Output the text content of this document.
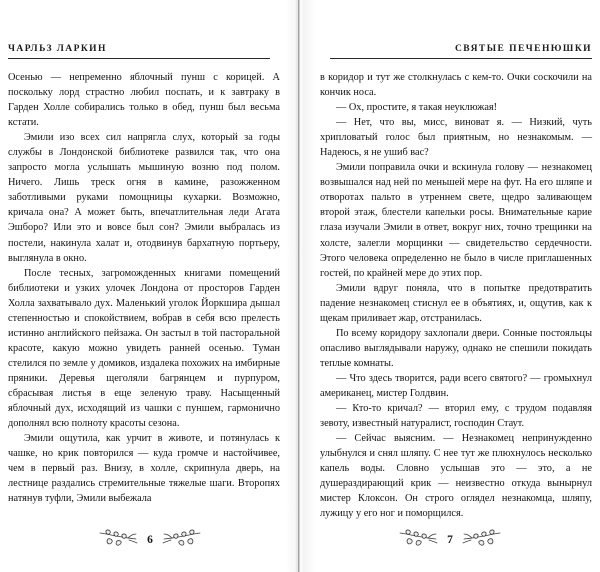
ЧАРЛЬЗ ЛАРКИН

Осенью — непременно яблочный пунш с корицей. А поскольку лорд страстно любил поспать, и к завтраку в Гарден Холле собирались только в обед, пунш был весьма кстати.

Эмили изо всех сил напрягла слух, который за годы службы в Лондонской библиотеке развился так, что она запросто могла услышать мышиную возню под полом. Ничего. Лишь треск огня в камине, разожженном заботливыми руками помощницы кухарки. Возможно, кричала она? А может быть, впечатлительная леди Агата Эшборо? Или это и вовсе был сон? Эмили выбралась из постели, накинула халат и, отодвинув бархатную портьеру, выглянула в окно.

После тесных, загроможденных книгами помещений библиотеки и узких улочек Лондона от просторов Гарден Холла захватывало дух. Маленький уголок Йоркшира дышал степенностью и спокойствием, вобрав в себя всю прелесть истинно английского пейзажа. Он застыл в той пасторальной красоте, какую можно увидеть ранней осенью. Туман стелился по земле у домиков, издалека похожих на имбирные пряники. Деревья щеголяли багрянцем и пурпуром, сбрасывая листья в еще зеленую траву. Насыщенный яблочный дух, исходящий из чашки с пуншем, гармонично дополнял всю полноту красоты сезона.

Эмили ощутила, как урчит в животе, и потянулась к чашке, но крик повторился — куда громче и настойчивее, чем в первый раз. Внизу, в холле, скрипнула дверь, на лестнице раздались стремительные тяжелые шаги. Второпях натянув туфли, Эмили выбежала

6
СВЯТЫЕ ПЕЧЕНЮШКИ

в коридор и тут же столкнулась с кем-то. Очки соскочили на кончик носа.

— Ох, простите, я такая неуклюжая!

— Нет, что вы, мисс, виноват я. — Низкий, чуть хрипловатый голос был приятным, но незнакомым. — Надеюсь, я не ушиб вас?

Эмили поправила очки и вскинула голову — незнакомец возвышался над ней по меньшей мере на фут. На его шляпе и отворотах пальто в утреннем свете, щедро заливающем второй этаж, блестели капельки росы. Внимательные карие глаза изучали Эмили в ответ, вокруг них, точно трещинки на холсте, залегли морщинки — свидетельство сердечности. Этого человека определенно не было в числе приглашенных гостей, по крайней мере до этих пор.

Эмили вдруг поняла, что в попытке предотвратить падение незнакомец стиснул ее в объятиях, и, ощутив, как к щекам приливает жар, отстранилась.

По всему коридору захлопали двери. Сонные постояльцы опасливо выглядывали наружу, однако не спешили покидать теплые комнаты.

— Что здесь творится, ради всего святого? — громыхнул американец, мистер Голдвин.

— Кто-то кричал? — вторил ему, с трудом подавляя зевоту, известный натуралист, господин Стаут.

— Сейчас выясним. — Незнакомец непринужденно улыбнулся и снял шляпу. С нее тут же плюхнулось несколько капель воды. Словно услышав это — это, а не душераздирающий крик — неизвестно откуда вынырнул мистер Клоксон. Он строго оглядел незнакомца, шляпу, лужицу у его ног и поморщился.

7
